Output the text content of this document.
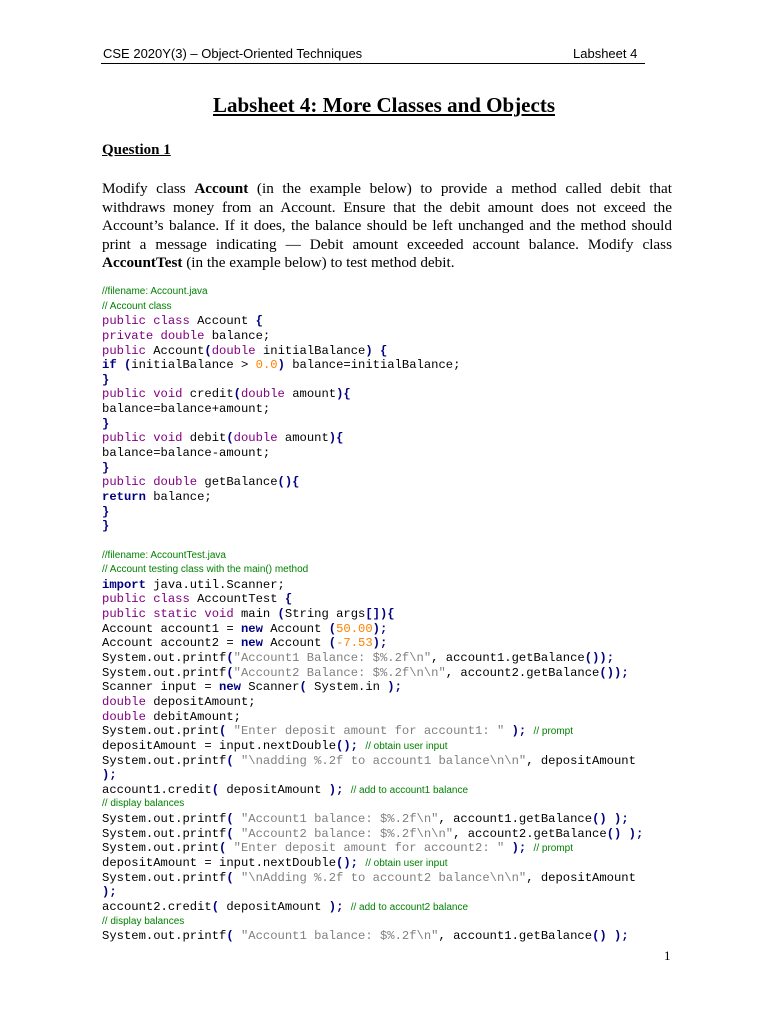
CSE 2020Y(3) – Object-Oriented Techniques	Labsheet 4
Labsheet 4: More Classes and Objects
Question 1
Modify class Account (in the example below) to provide a method called debit that withdraws money from an Account. Ensure that the debit amount does not exceed the Account’s balance. If it does, the balance should be left unchanged and the method should print a message indicating — Debit amount exceeded account balance. Modify class AccountTest (in the example below) to test method debit.
//filename: Account.java
// Account class
public class Account {
private double balance;
public Account(double initialBalance) {
if (initialBalance > 0.0) balance=initialBalance;
}
public void credit(double amount){
balance=balance+amount;
}
public void debit(double amount){
balance=balance-amount;
}
public double getBalance(){
return balance;
}
}
//filename: AccountTest.java
// Account testing class with the main() method
import java.util.Scanner;
public class AccountTest {
public static void main (String args[]){
Account account1 = new Account (50.00);
Account account2 = new Account (-7.53);
System.out.printf("Account1 Balance: $%.2f\n", account1.getBalance());
System.out.printf("Account2 Balance: $%.2f\n\n", account2.getBalance());
Scanner input = new Scanner( System.in );
double depositAmount;
double debitAmount;
System.out.print( "Enter deposit amount for account1: " ); // prompt
depositAmount = input.nextDouble(); // obtain user input
System.out.printf( "\nadding %.2f to account1 balance\n\n", depositAmount
);
account1.credit( depositAmount ); // add to account1 balance
// display balances
System.out.printf( "Account1 balance: $%.2f\n", account1.getBalance() );
System.out.printf( "Account2 balance: $%.2f\n\n", account2.getBalance() );
System.out.print( "Enter deposit amount for account2: " ); // prompt
depositAmount = input.nextDouble(); // obtain user input
System.out.printf( "\nAdding %.2f to account2 balance\n\n", depositAmount
);
account2.credit( depositAmount ); // add to account2 balance
// display balances
System.out.printf( "Account1 balance: $%.2f\n", account1.getBalance() );
1
